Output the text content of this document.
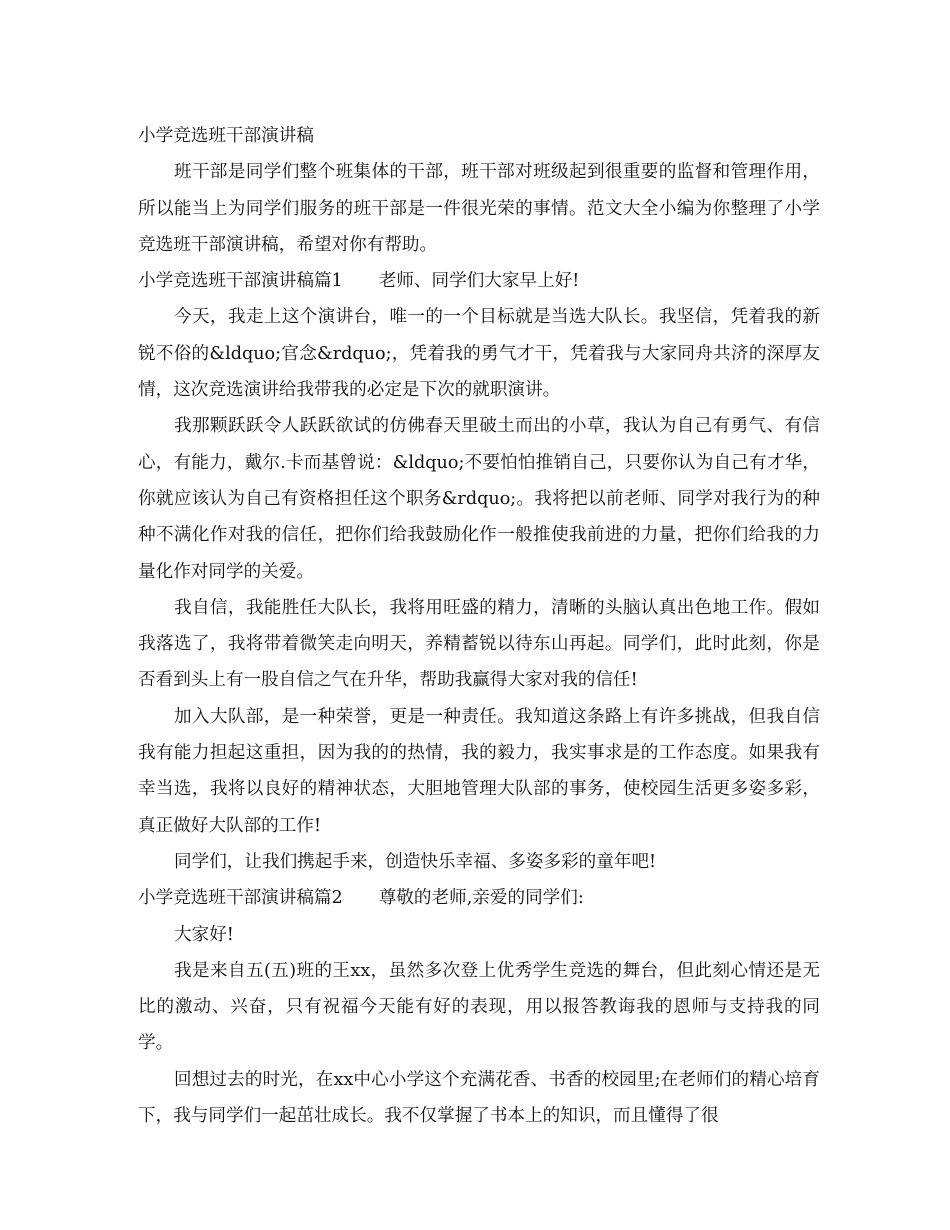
小学竞选班干部演讲稿

班干部是同学们整个班集体的干部，班干部对班级起到很重要的监督和管理作用，所以能当上为同学们服务的班干部是一件很光荣的事情。范文大全小编为你整理了小学竞选班干部演讲稿，希望对你有帮助。

小学竞选班干部演讲稿篇1 老师、同学们大家早上好!

今天，我走上这个演讲台，唯一的一个目标就是当选大队长。我坚信，凭着我的新锐不俗的&ldquo;官念&rdquo;，凭着我的勇气才干，凭着我与大家同舟共济的深厚友情，这次竞选演讲给我带我的必定是下次的就职演讲。

我那颗跃跃令人跃跃欲试的仿佛春天里破土而出的小草，我认为自己有勇气、有信心，有能力，戴尔.卡而基曾说：&ldquo;不要怕怕推销自己，只要你认为自己有才华，你就应该认为自己有资格担任这个职务&rdquo;。我将把以前老师、同学对我行为的种种不满化作对我的信任，把你们给我鼓励化作一般推使我前进的力量，把你们给我的力量化作对同学的关爱。

我自信，我能胜任大队长，我将用旺盛的精力，清晰的头脑认真出色地工作。假如我落选了，我将带着微笑走向明天，养精蓄锐以待东山再起。同学们，此时此刻，你是否看到头上有一股自信之气在升华，帮助我赢得大家对我的信任!

加入大队部，是一种荣誉，更是一种责任。我知道这条路上有许多挑战，但我自信我有能力担起这重担，因为我的的热情，我的毅力，我实事求是的工作态度。如果我有幸当选，我将以良好的精神状态，大胆地管理大队部的事务，使校园生活更多姿多彩，真正做好大队部的工作!

同学们，让我们携起手来，创造快乐幸福、多姿多彩的童年吧!

小学竞选班干部演讲稿篇2 尊敬的老师,亲爱的同学们:

大家好!

我是来自五(五)班的王xx，虽然多次登上优秀学生竞选的舞台，但此刻心情还是无比的激动、兴奋，只有祝福今天能有好的表现，用以报答教诲我的恩师与支持我的同学。

回想过去的时光，在xx中心小学这个充满花香、书香的校园里;在老师们的精心培育下，我与同学们一起茁壮成长。我不仅掌握了书本上的知识，而且懂得了很
